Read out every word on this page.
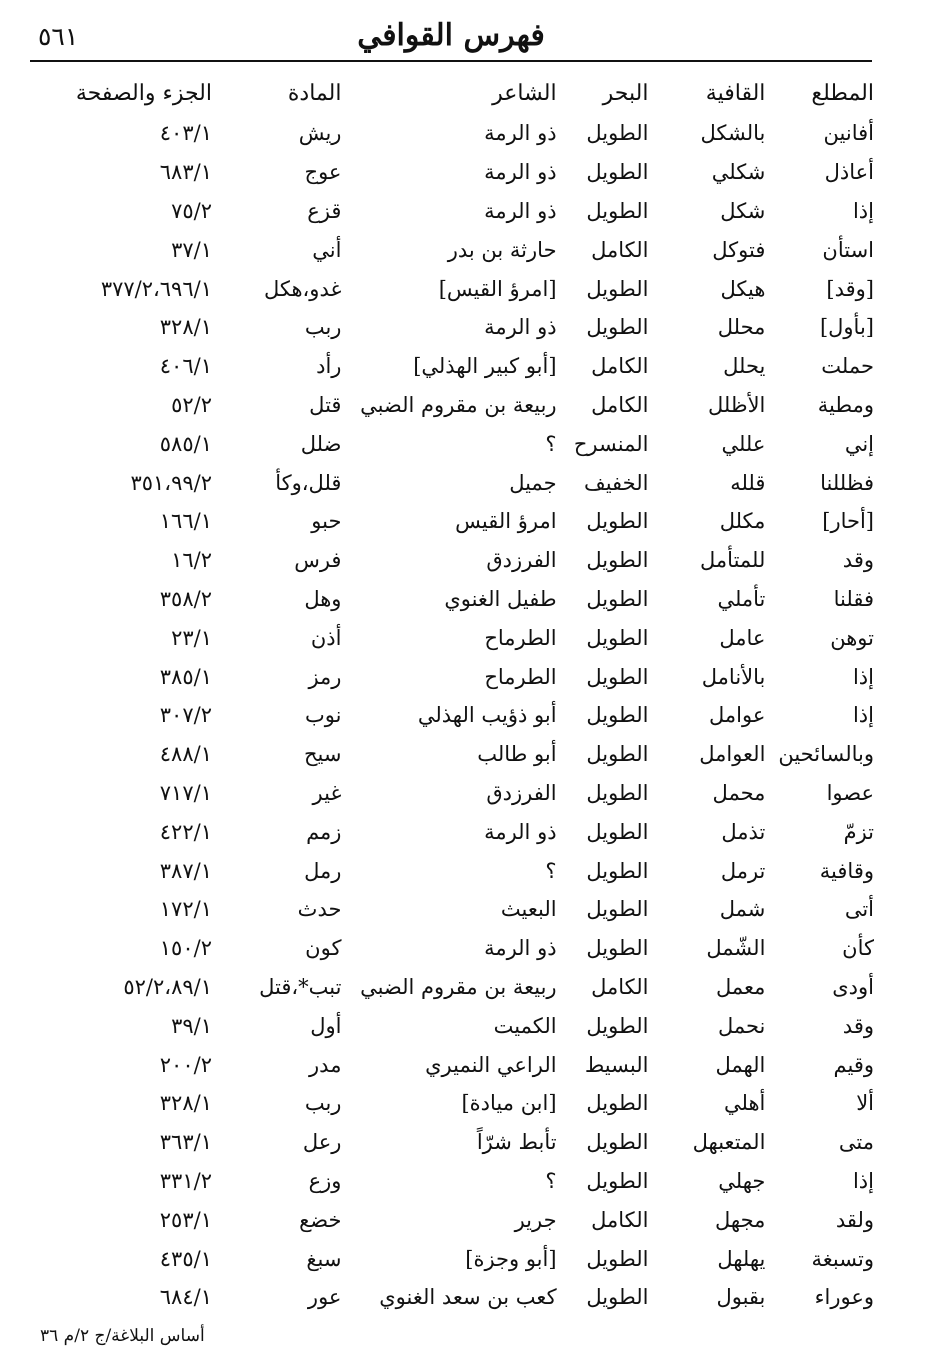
٥٦١	فهرس القوافي
المطلع	القافية	البحر	الشاعر	المادة	الجزء والصفحة
أفانين	بالشكل	الطويل	ذو الرمة	ريش	٤٠٣/١
أعاذل	شكلي	الطويل	ذو الرمة	عوج	٦٨٣/١
إذا	شكل	الطويل	ذو الرمة	قزع	٧٥/٢
استأن	فتوكل	الكامل	حارثة بن بدر	أني	٣٧/١
[وقد]	هيكل	الطويل	[امرؤ القيس]	غدو،هكل	٣٧٧/٢،٦٩٦/١
[بأول]	محلل	الطويل	ذو الرمة	ربب	٣٢٨/١
حملت	يحلل	الكامل	[أبو كبير الهذلي]	رأد	٤٠٦/١
ومطية	الأظلل	الكامل	ربيعة بن مقروم الضبي	قتل	٥٢/٢
إني	عللي	المنسرح	؟	ضلل	٥٨٥/١
فظللنا	قلله	الخفيف	جميل	قلل،وكأ	٣٥١،٩٩/٢
[أحار]	مكلل	الطويل	امرؤ القيس	حبو	١٦٦/١
وقد	للمتأمل	الطويل	الفرزدق	فرس	١٦/٢
فقلنا	تأملي	الطويل	طفيل الغنوي	وهل	٣٥٨/٢
توهن	عامل	الطويل	الطرماح	أذن	٢٣/١
إذا	بالأنامل	الطويل	الطرماح	رمز	٣٨٥/١
إذا	عوامل	الطويل	أبو ذؤيب الهذلي	نوب	٣٠٧/٢
وبالسائحين	العوامل	الطويل	أبو طالب	سيح	٤٨٨/١
عصوا	محمل	الطويل	الفرزدق	غير	٧١٧/١
تزمّ	تذمل	الطويل	ذو الرمة	زمم	٤٢٢/١
وقافية	ترمل	الطويل	؟	رمل	٣٨٧/١
أتى	شمل	الطويل	البعيث	حدث	١٧٢/١
كأن	الشّمل	الطويل	ذو الرمة	كون	١٥٠/٢
أودى	معمل	الكامل	ربيعة بن مقروم الضبي	تبب*،قتل	٥٢/٢،٨٩/١
وقد	نحمل	الطويل	الكميت	أول	٣٩/١
وقيم	الهمل	البسيط	الراعي النميري	مدر	٢٠٠/٢
ألا	أهلي	الطويل	[ابن ميادة]	ربب	٣٢٨/١
متى	المتعبهل	الطويل	تأبط شرّاً	رعل	٣٦٣/١
إذا	جهلي	الطويل	؟	وزع	٣٣١/٢
ولقد	مجهل	الكامل	جرير	خضع	٢٥٣/١
وتسبغة	يهلهل	الطويل	[أبو وجزة]	سبغ	٤٣٥/١
وعوراء	بقبول	الطويل	كعب بن سعد الغنوي	عور	٦٨٤/١
أساس البلاغة/ج ٢/م ٣٦
